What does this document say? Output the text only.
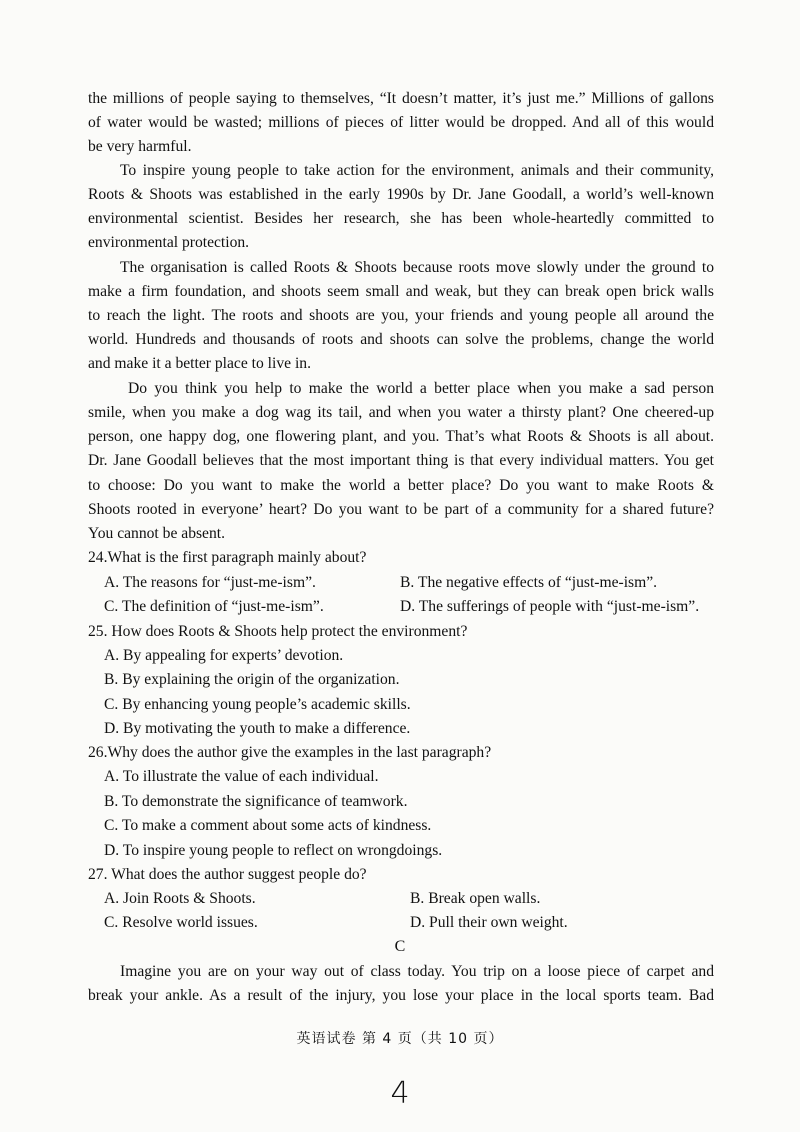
the millions of people saying to themselves, “It doesn’t matter, it’s just me.” Millions of gallons
of water would be wasted; millions of pieces of litter would be dropped. And all of this would
be very harmful.
To inspire young people to take action for the environment, animals and their community,
Roots & Shoots was established in the early 1990s by Dr. Jane Goodall, a world’s well-known
environmental scientist. Besides her research, she has been whole-heartedly committed to
environmental protection.
The organisation is called Roots & Shoots because roots move slowly under the ground to
make a firm foundation, and shoots seem small and weak, but they can break open brick walls
to reach the light. The roots and shoots are you, your friends and young people all around the
world. Hundreds and thousands of roots and shoots can solve the problems, change the world
and make it a better place to live in.
Do you think you help to make the world a better place when you make a sad person
smile, when you make a dog wag its tail, and when you water a thirsty plant? One cheered-up
person, one happy dog, one flowering plant, and you. That’s what Roots & Shoots is all about.
Dr. Jane Goodall believes that the most important thing is that every individual matters. You get
to choose: Do you want to make the world a better place? Do you want to make Roots &
Shoots rooted in everyone’ heart? Do you want to be part of a community for a shared future?
You cannot be absent.
24.What is the first paragraph mainly about?
A. The reasons for “just-me-ism”.	B. The negative effects of “just-me-ism”.
C. The definition of “just-me-ism”.	D. The sufferings of people with “just-me-ism”.
25. How does Roots & Shoots help protect the environment?
A. By appealing for experts’ devotion.
B. By explaining the origin of the organization.
C. By enhancing young people’s academic skills.
D. By motivating the youth to make a difference.
26.Why does the author give the examples in the last paragraph?
A. To illustrate the value of each individual.
B. To demonstrate the significance of teamwork.
C. To make a comment about some acts of kindness.
D. To inspire young people to reflect on wrongdoings.
27. What does the author suggest people do?
A. Join Roots & Shoots.	B. Break open walls.
C. Resolve world issues.	D. Pull their own weight.
C
Imagine you are on your way out of class today. You trip on a loose piece of carpet and
break your ankle. As a result of the injury, you lose your place in the local sports team. Bad
英语试卷 第 4 页（共 10 页）
4
